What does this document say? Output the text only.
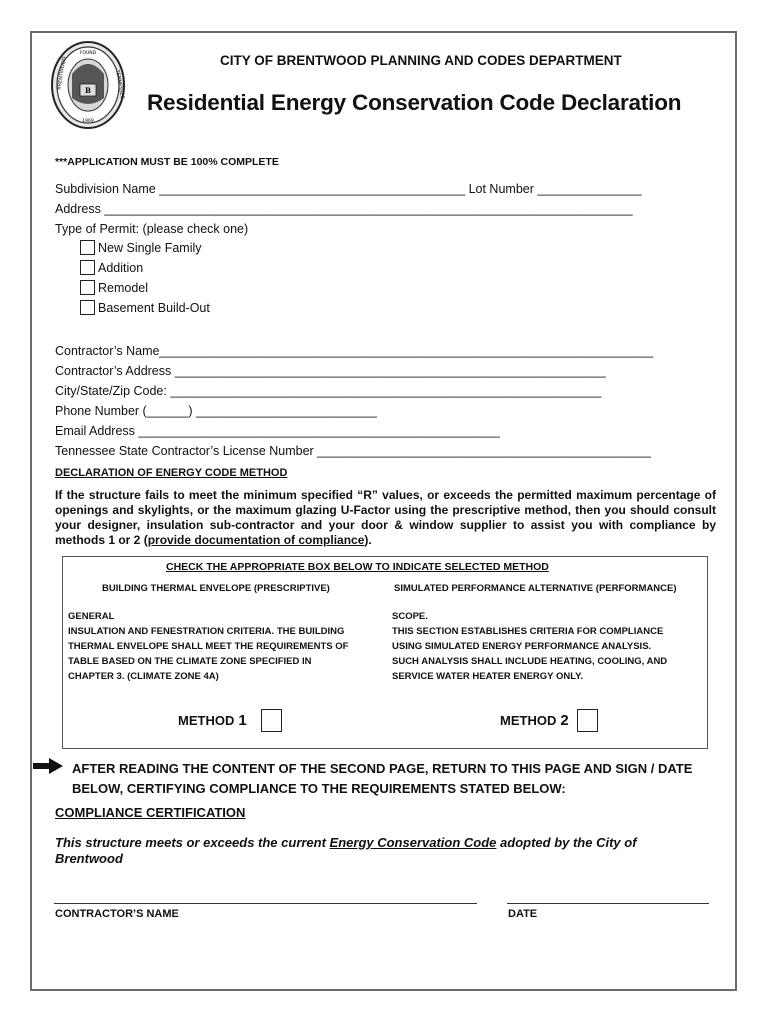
B
BRENTWOOD	TENNESSEE
FOUND
1969
CITY OF BRENTWOOD PLANNING AND CODES DEPARTMENT
Residential Energy Conservation Code Declaration
***APPLICATION MUST BE 100% COMPLETE
Subdivision Name ____________________________________________ Lot Number _______________
Address ____________________________________________________________________________
Type of Permit: (please check one)
New Single Family
Addition
Remodel
Basement Build-Out
Contractor’s Name_______________________________________________________________________
Contractor’s Address ______________________________________________________________
City/State/Zip Code: ______________________________________________________________
Phone Number (______) __________________________
Email Address ____________________________________________________
Tennessee State Contractor’s License Number ________________________________________________
DECLARATION OF ENERGY CODE METHOD
If the structure fails to meet the minimum specified “R” values, or exceeds the permitted maximum percentage of openings and skylights, or the maximum glazing U-Factor using the prescriptive method, then you should consult your designer, insulation sub-contractor and your door & window supplier to assist you with compliance by methods 1 or 2 (provide documentation of compliance).
CHECK THE APPROPRIATE BOX BELOW TO INDICATE SELECTED METHOD
BUILDING THERMAL ENVELOPE (PRESCRIPTIVE)	SIMULATED PERFORMANCE ALTERNATIVE (PERFORMANCE)
GENERAL
INSULATION AND FENESTRATION CRITERIA. THE BUILDING
THERMAL ENVELOPE SHALL MEET THE REQUIREMENTS OF
TABLE BASED ON THE CLIMATE ZONE SPECIFIED IN
CHAPTER 3. (CLIMATE ZONE 4A)
SCOPE.
THIS SECTION ESTABLISHES CRITERIA FOR COMPLIANCE
USING SIMULATED ENERGY PERFORMANCE ANALYSIS.
SUCH ANALYSIS SHALL INCLUDE HEATING, COOLING, AND
SERVICE WATER HEATER ENERGY ONLY.
METHOD 1	METHOD 2
AFTER READING THE CONTENT OF THE SECOND PAGE, RETURN TO THIS PAGE AND SIGN / DATE BELOW, CERTIFYING COMPLIANCE TO THE REQUIREMENTS STATED BELOW:
COMPLIANCE CERTIFICATION
This structure meets or exceeds the current Energy Conservation Code adopted by the City of Brentwood
CONTRACTOR’S NAME	DATE
